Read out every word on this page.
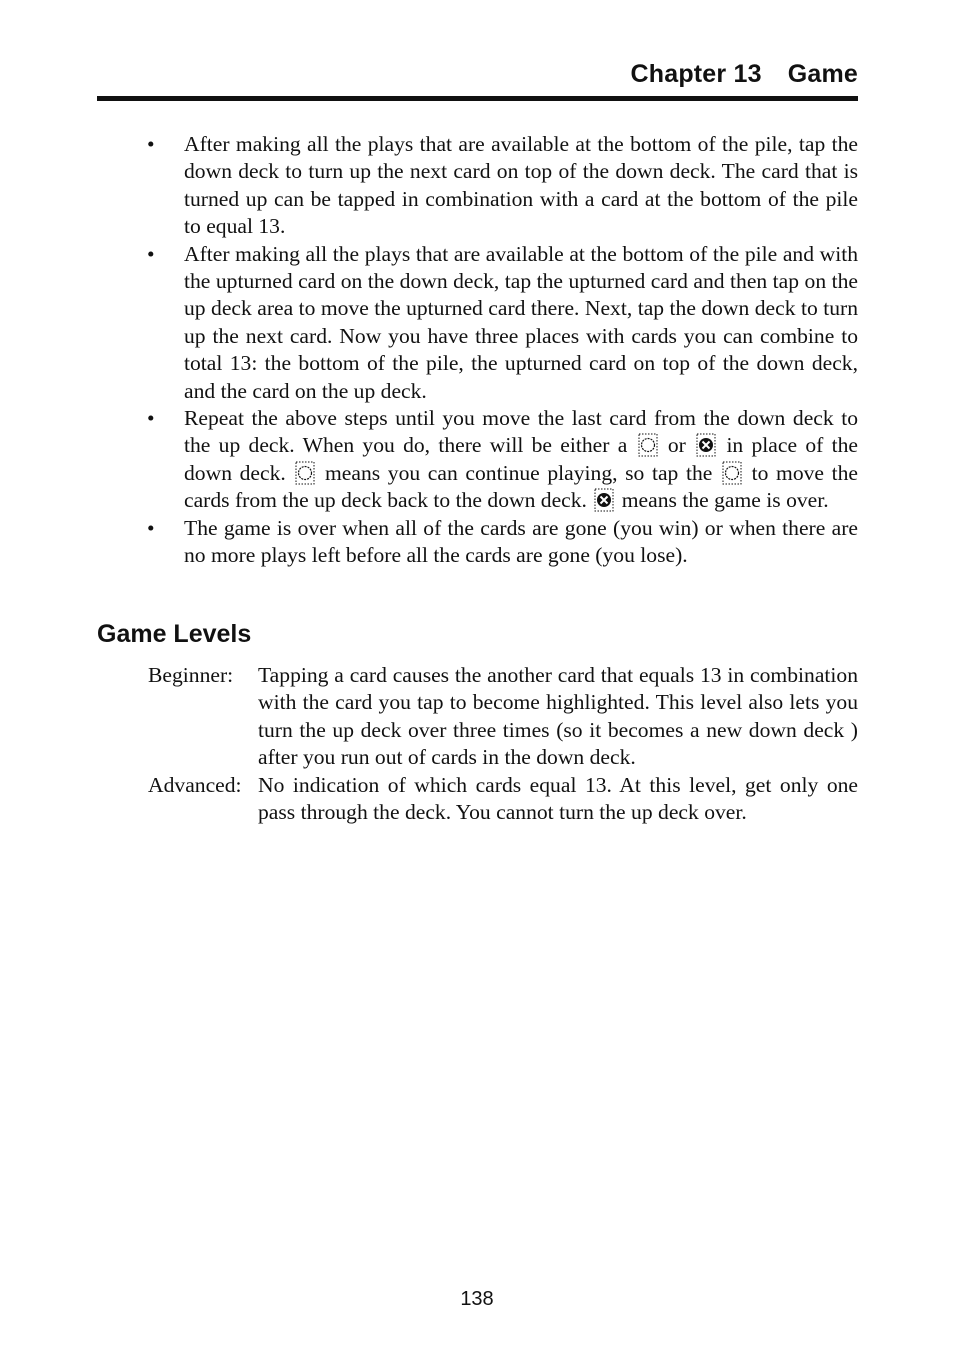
Chapter 13 Game
• After making all the plays that are available at the bottom of the pile, tap the down deck to turn up the next card on top of the down deck. The card that is turned up can be tapped in combination with a card at the bottom of the pile to equal 13.
• After making all the plays that are available at the bottom of the pile and with the upturned card on the down deck, tap the upturned card and then tap on the up deck area to move the upturned card there. Next, tap the down deck to turn up the next card. Now you have three places with cards you can combine to total 13: the bottom of the pile, the upturned card on top of the down deck, and the card on the up deck.
• Repeat the above steps until you move the last card from the down deck to the up deck. When you do, there will be either a or in place of the down deck. means you can continue playing, so tap the to move the cards from the up deck back to the down deck. means the game is over.
• The game is over when all of the cards are gone (you win) or when there are no more plays left before all the cards are gone (you lose).
Game Levels
Beginner:	Tapping a card causes the another card that equals 13 in combination with the card you tap to become highlighted. This level also lets you turn the up deck over three times (so it becomes a new down deck ) after you run out of cards in the down deck.
Advanced: No indication of which cards equal 13. At this level, get only one pass through the deck. You cannot turn the up deck over.
138
